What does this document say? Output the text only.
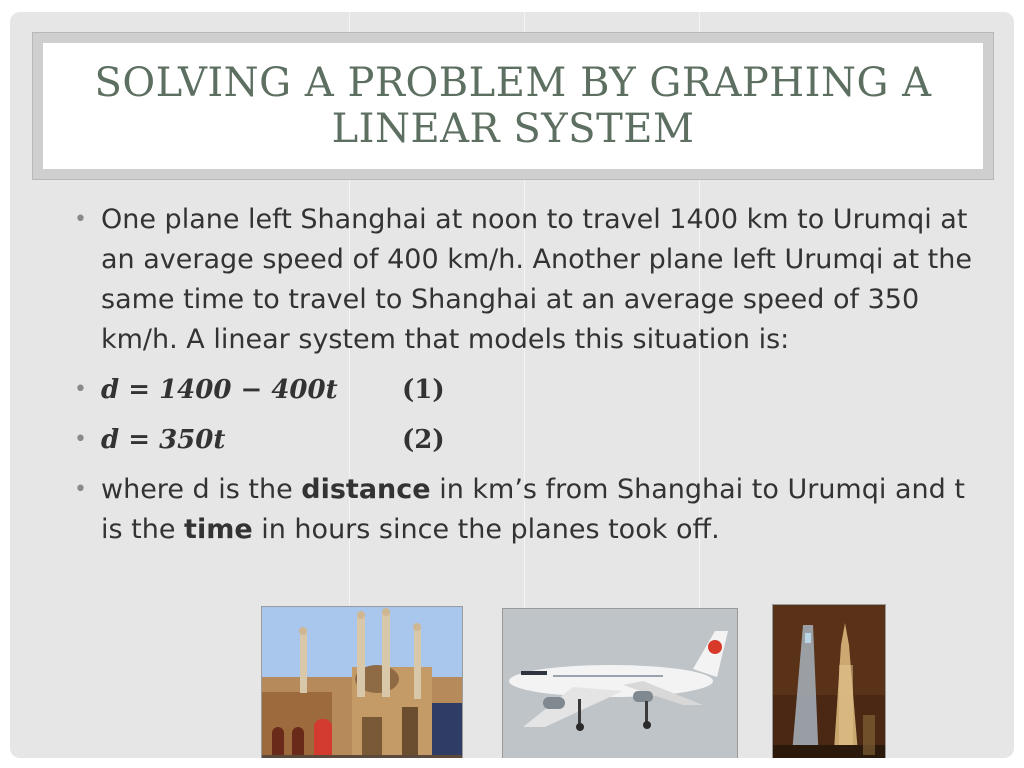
SOLVING A PROBLEM BY GRAPHING A LINEAR SYSTEM
• One plane left Shanghai at noon to travel 1400 km to Urumqi at an average speed of 400 km/h. Another plane left Urumqi at the same time to travel to Shanghai at an average speed of 350 km/h. A linear system that models this situation is:
• d = 1400 − 400t (1)
• d = 350t	(2)
• where d is the distance in km’s from Shanghai to Urumqi and t is the time in hours since the planes took off.
